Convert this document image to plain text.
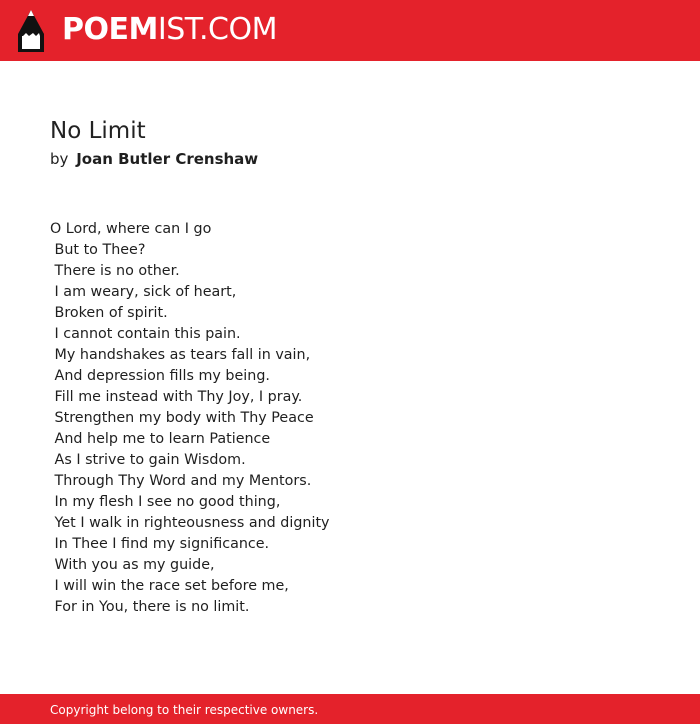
POEMIST.COM
No Limit
by Joan Butler Crenshaw
O Lord, where can I go
But to Thee?
There is no other.
I am weary, sick of heart,
Broken of spirit.
I cannot contain this pain.
My handshakes as tears fall in vain,
And depression fills my being.
Fill me instead with Thy Joy, I pray.
Strengthen my body with Thy Peace
And help me to learn Patience
As I strive to gain Wisdom.
Through Thy Word and my Mentors.
In my flesh I see no good thing,
Yet I walk in righteousness and dignity
In Thee I find my significance.
With you as my guide,
I will win the race set before me,
For in You, there is no limit.
Copyright belong to their respective owners.
